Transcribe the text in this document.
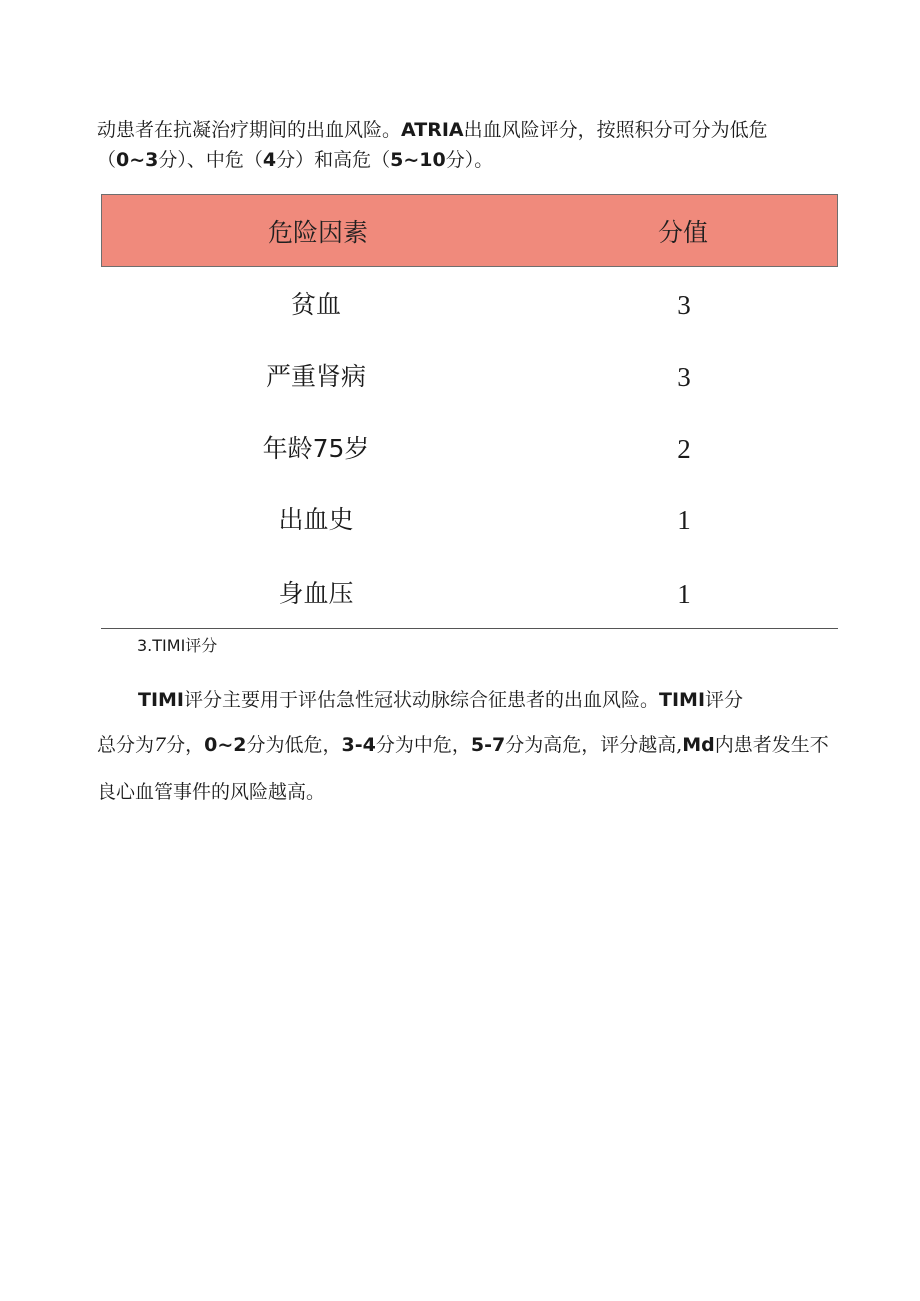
动患者在抗凝治疗期间的出血风险。ATRIA出血风险评分，按照积分可分为低危

（0~3分）、中危（4分）和高危（5~10分）。

危险因素	分值
贫血	3
严重肾病	3
年龄75岁	2
出血史	1
身血压	1
3.TIMI评分

TIMI评分主要用于评估急性冠状动脉综合征患者的出血风险。TIMI评分

总分为7分，0~2分为低危，3-4分为中危，5-7分为高危，评分越高,Md内患者发生不

良心血管事件的风险越高。
